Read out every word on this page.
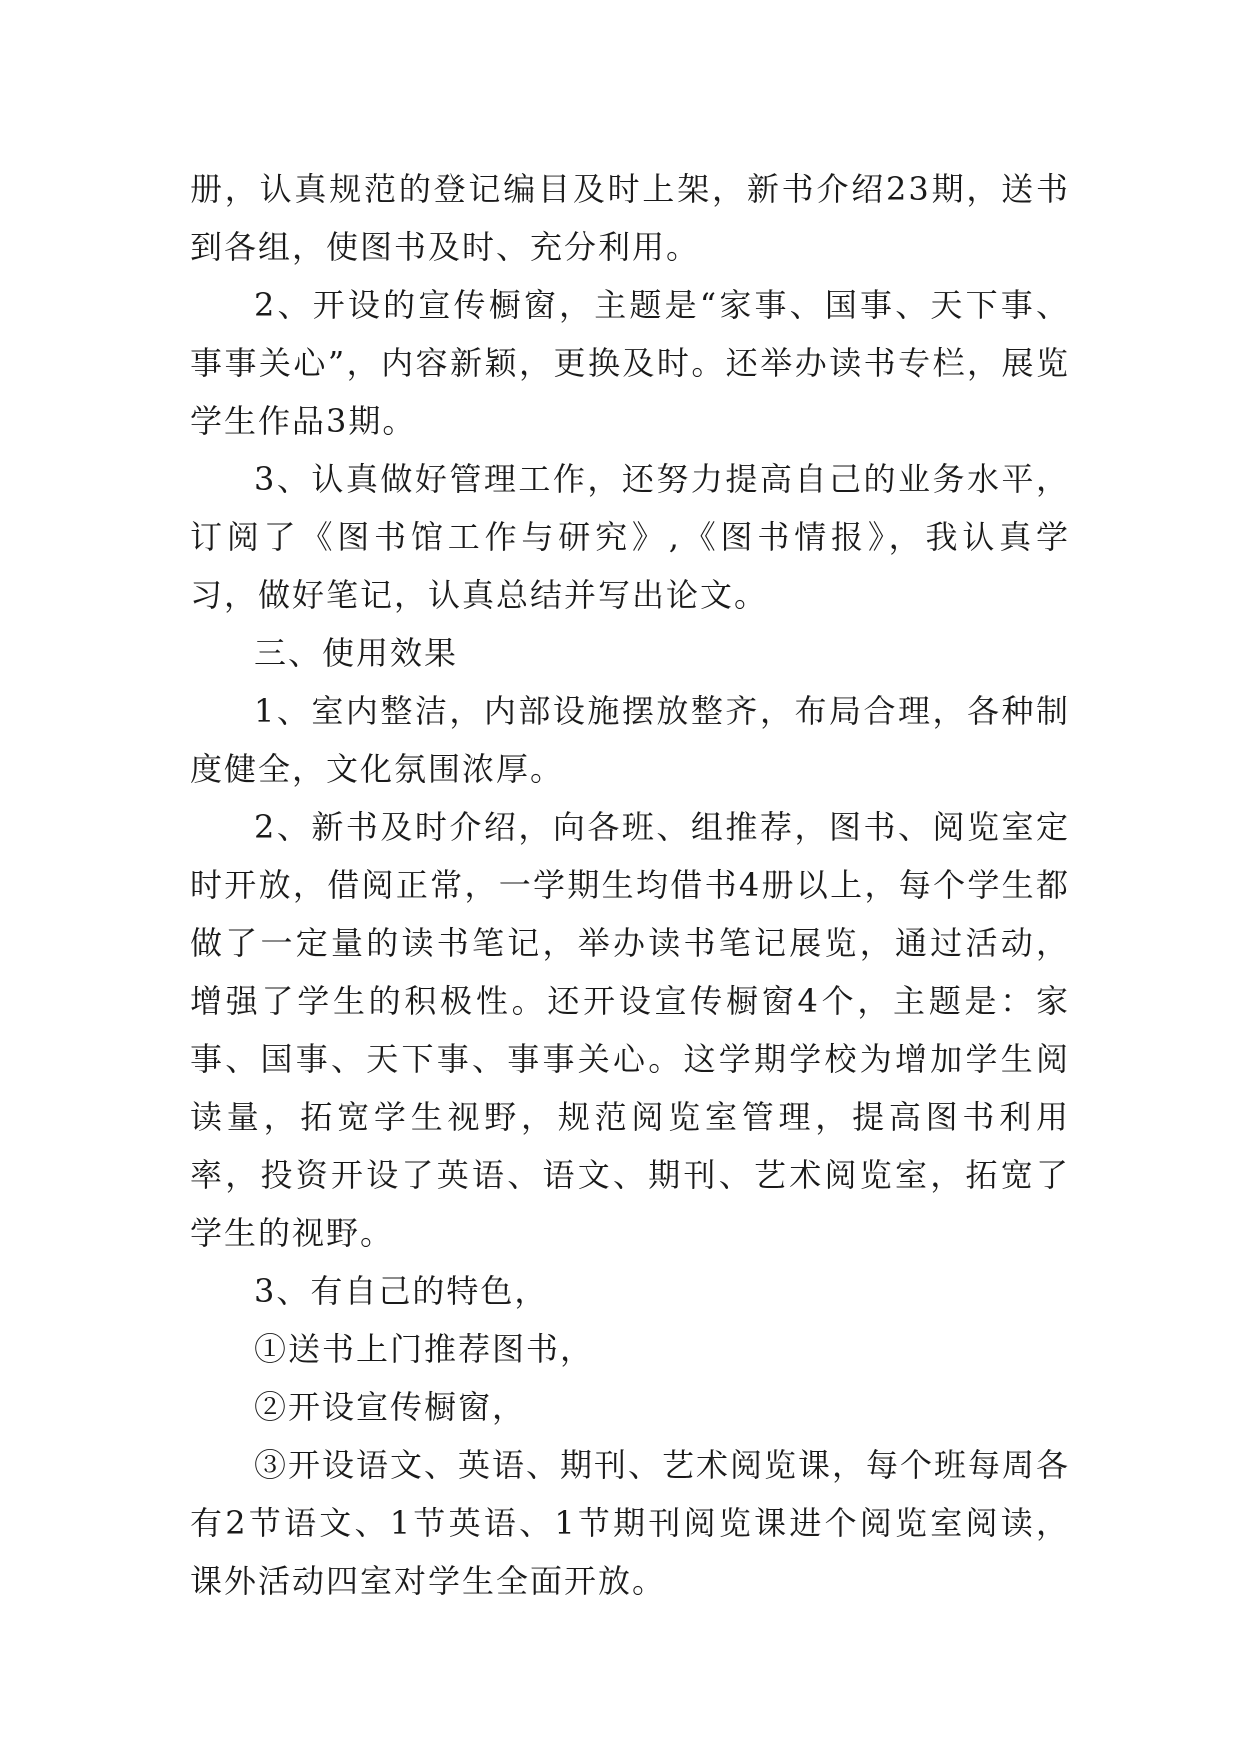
册，认真规范的登记编目及时上架，新书介绍23期，送书到各组，使图书及时、充分利用。

2、开设的宣传橱窗，主题是“家事、国事、天下事、事事关心”，内容新颖，更换及时。还举办读书专栏，展览学生作品3期。

3、认真做好管理工作，还努力提高自己的业务水平，订阅了《图书馆工作与研究》,《图书情报》，我认真学习，做好笔记，认真总结并写出论文。

三、使用效果

1、室内整洁，内部设施摆放整齐，布局合理，各种制度健全，文化氛围浓厚。

2、新书及时介绍，向各班、组推荐，图书、阅览室定时开放，借阅正常，一学期生均借书4册以上，每个学生都做了一定量的读书笔记，举办读书笔记展览，通过活动，增强了学生的积极性。还开设宣传橱窗4个，主题是：家事、国事、天下事、事事关心。这学期学校为增加学生阅读量，拓宽学生视野，规范阅览室管理，提高图书利用率，投资开设了英语、语文、期刊、艺术阅览室，拓宽了学生的视野。

3、有自己的特色，

①送书上门推荐图书，

②开设宣传橱窗，

③开设语文、英语、期刊、艺术阅览课，每个班每周各有2节语文、1节英语、1节期刊阅览课进个阅览室阅读，课外活动四室对学生全面开放。
